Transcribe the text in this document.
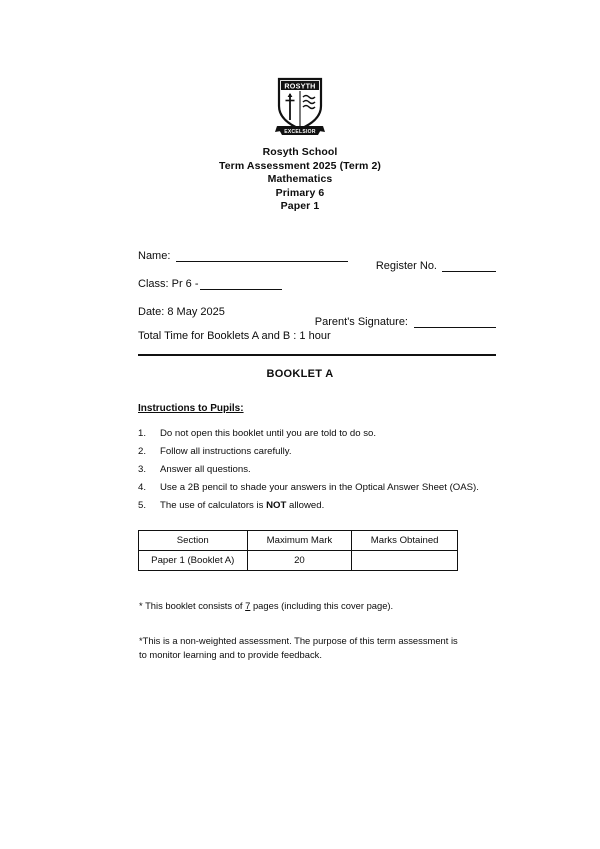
ROSYTH
EXCELSIOR
Rosyth School
Term Assessment 2025 (Term 2)
Mathematics
Primary 6
Paper 1
Name:
Register No.
Class: Pr 6 -
Date: 8 May 2025
Parent's Signature:
Total Time for Booklets A and B : 1 hour
BOOKLET A
Instructions to Pupils:
1. Do not open this booklet until you are told to do so.
2. Follow all instructions carefully.
3. Answer all questions.
4. Use a 2B pencil to shade your answers in the Optical Answer Sheet (OAS).
5. The use of calculators is NOT allowed.
Section	Maximum Mark	Marks Obtained
Paper 1 (Booklet A)	20	
* This booklet consists of 7 pages (including this cover page).
*This is a non-weighted assessment. The purpose of this term assessment is to monitor learning and to provide feedback.
